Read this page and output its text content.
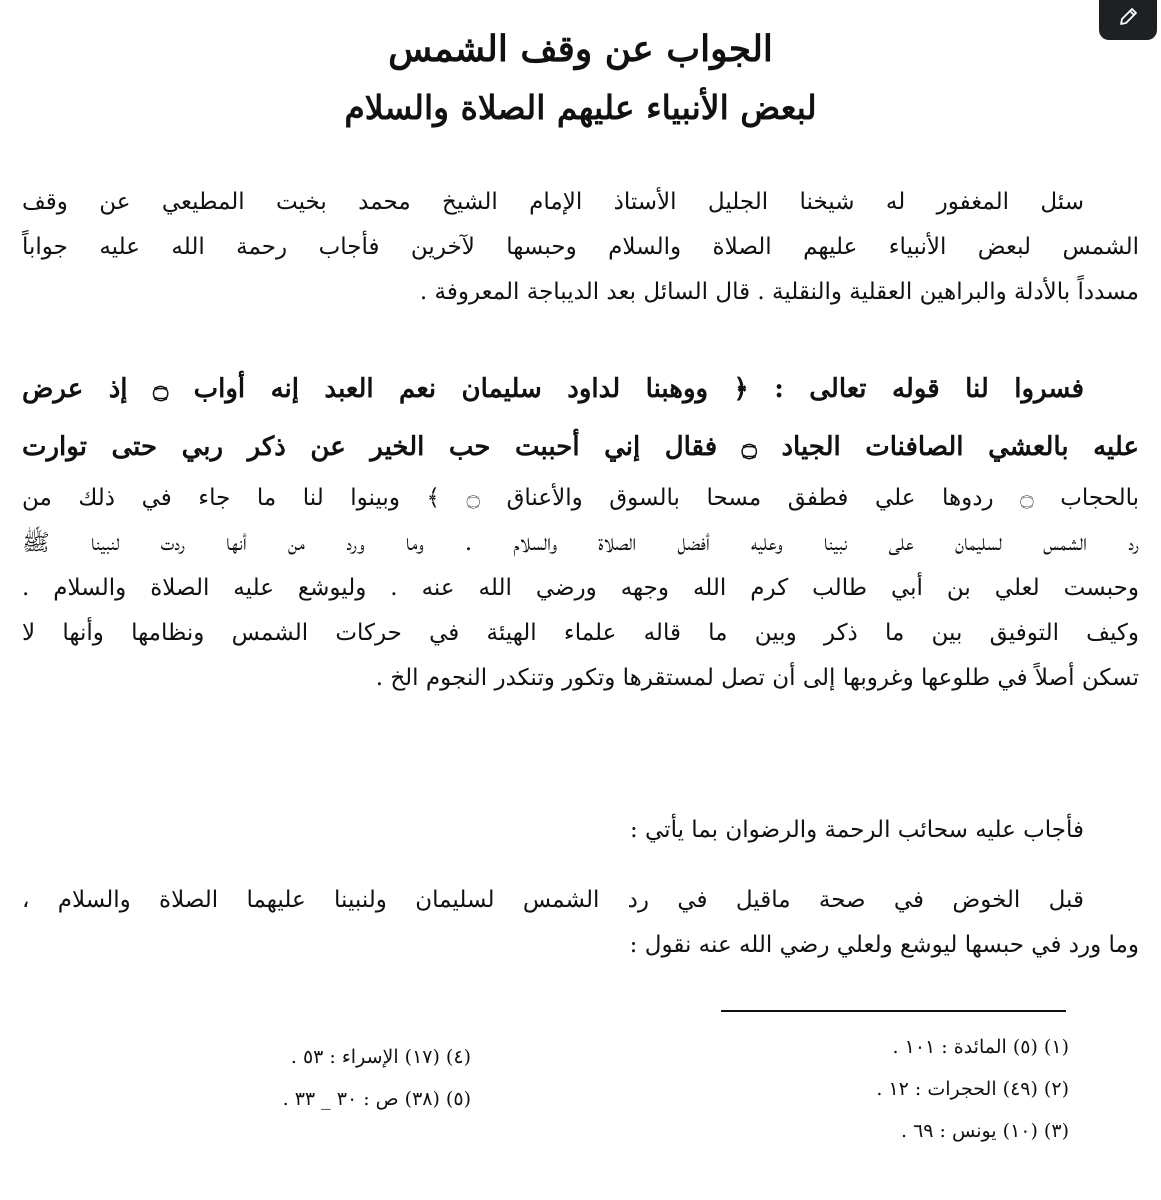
الجواب عن وقف الشمس
لبعض الأنبياء عليهم الصلاة والسلام
سئل المغفور له شيخنا الجليل الأستاذ الإمام الشيخ محمد بخيت المطيعي عن وقف
الشمس لبعض الأنبياء عليهم الصلاة والسلام وحبسها لآخرين فأجاب رحمة الله عليه جواباً
مسدداً بالأدلة والبراهين العقلية والنقلية . قال السائل بعد الديباجة المعروفة .
فسروا لنا قوله تعالى : ﴿ ووهبنا لداود سليمان نعم العبد إنه أواب ۝ إذ عرض
عليه بالعشي الصافنات الجياد ۝ فقال إني أحببت حب الخير عن ذكر ربي حتى توارت
بالحجاب ۝ ردوها علي فطفق مسحا بالسوق والأعناق ۝ ﴾ وبينوا لنا ما جاء في ذلك من
رد الشمس لسليمان على نبينا وعليه أفضل الصلاة والسلام . وما ورد من أنها ردت لنبينا ﷺ
وحبست لعلي بن أبي طالب كرم الله وجهه ورضي الله عنه . وليوشع عليه الصلاة والسلام .
وكيف التوفيق بين ما ذكر وبين ما قاله علماء الهيئة في حركات الشمس ونظامها وأنها لا
تسكن أصلاً في طلوعها وغروبها إلى أن تصل لمستقرها وتكور وتنكدر النجوم الخ .
فأجاب عليه سحائب الرحمة والرضوان بما يأتي :
قبل الخوض في صحة ماقيل في رد الشمس لسليمان ولنبينا عليهما الصلاة والسلام ،
وما ورد في حبسها ليوشع ولعلي رضي الله عنه نقول :
(١) (٥) المائدة : ١٠١ .
(٢) (٤٩) الحجرات : ١٢ .
(٣) (١٠) يونس : ٦٩ .
(٤) (١٧) الإسراء : ٥٣ .
(٥) (٣٨) ص : ٣٠ _ ٣٣ .
